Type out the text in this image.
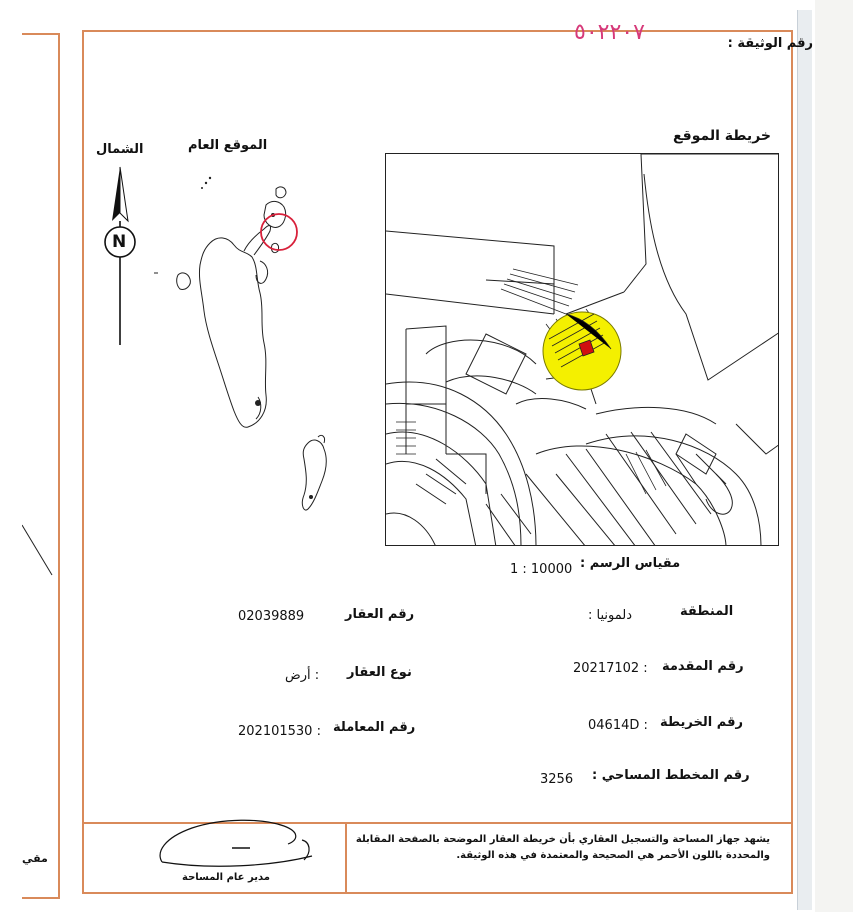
مقي
٥٠٢٢٠٧	رقم الوثيقة :
الموقع العام
الشمال
N
خريطة الموقع
مقياس الرسم :
1 : 10000
المنطقة
: دلمونيا
رقم العقار
02039889
رقم المقدمة
20217102 :
نوع العقار
أرض :
رقم الخريطة
04614D :
رقم المعاملة
202101530 :
رقم المخطط المساحي :
3256
يشهد جهاز المساحة والتسجيل العقاري بأن خريطة العقار الموضحة بالصفحة المقابلة والمحددة باللون الأحمر هي الصحيحة والمعتمدة في هذه الوثيقة.
مدير عام المساحة
